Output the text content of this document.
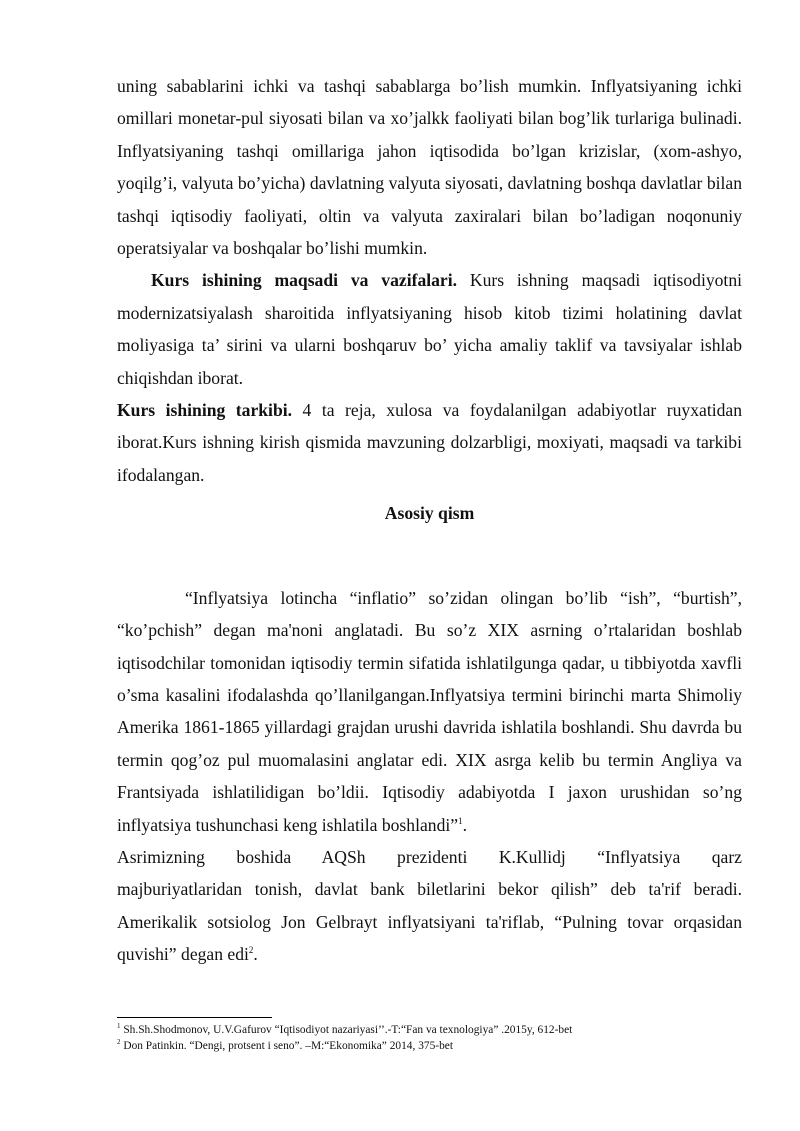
uning sabablarini ichki va tashqi sabablarga bo’lish mumkin. Inflyatsiyaning ichki omillari monetar-pul siyosati bilan va xo’jalkk faoliyati bilan bog’lik turlariga bulinadi. Inflyatsiyaning tashqi omillariga jahon iqtisodida bo’lgan krizislar, (xom-ashyo, yoqilg’i, valyuta bo’yicha) davlatning valyuta siyosati, davlatning boshqa davlatlar bilan tashqi iqtisodiy faoliyati, oltin va valyuta zaxiralari bilan bo’ladigan noqonuniy operatsiyalar va boshqalar bo’lishi mumkin.

Kurs ishining maqsadi va vazifalari. Kurs ishning maqsadi iqtisodiyotni modernizatsiyalash sharoitida inflyatsiyaning hisob kitob tizimi holatining davlat moliyasiga ta’ sirini va ularni boshqaruv bo’ yicha amaliy taklif va tavsiyalar ishlab chiqishdan iborat.

Kurs ishining tarkibi. 4 ta reja, xulosa va foydalanilgan adabiyotlar ruyxatidan iborat.Kurs ishning kirish qismida mavzuning dolzarbligi, moxiyati, maqsadi va tarkibi ifodalangan.

Asosiy qism

“Inflyatsiya lotincha “inflatio” so’zidan olingan bo’lib “ish”, “burtish”, “ko’pchish” degan ma'noni anglatadi. Bu so’z XIX asrning o’rtalaridan boshlab iqtisodchilar tomonidan iqtisodiy termin sifatida ishlatilgunga qadar, u tibbiyotda xavfli o’sma kasalini ifodalashda qo’llanilgangan.Inflyatsiya termini birinchi marta Shimoliy Amerika 1861-1865 yillardagi grajdan urushi davrida ishlatila boshlandi. Shu davrda bu termin qog’oz pul muomalasini anglatar edi. XIX asrga kelib bu termin Angliya va Frantsiyada ishlatilidigan bo’ldii. Iqtisodiy adabiyotda I jaxon urushidan so’ng inflyatsiya tushunchasi keng ishlatila boshlandi”$^1$.

Asrimizning boshida AQSh prezidenti K.Kullidj “Inflyatsiya qarz

majburiyatlaridan tonish, davlat bank biletlarini bekor qilish” deb ta'rif beradi. Amerikalik sotsiolog Jon Gelbrayt inflyatsiyani ta'riflab, “Pulning tovar orqasidan quvishi” degan edi$^2$.

$^1$ Sh.Sh.Shodmonov, U.V.Gafurov “Iqtisodiyot nazariyasi’’.-T:“Fan va texnologiya” .2015y, 612-bet

$^2$ Don Patinkin. “Dengi, protsent i seno”. –M:“Ekonomika” 2014, 375-bet
